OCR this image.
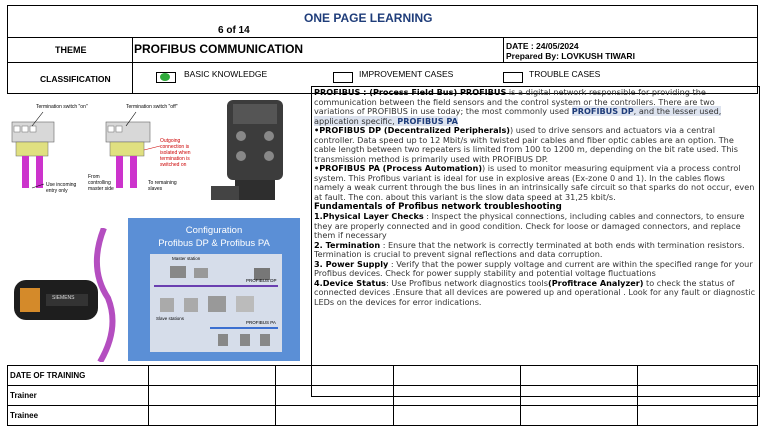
ONE PAGE LEARNING
6 of 14
THEME	PROFIBUS COMMUNICATION	DATE : 24/05/2024
Prepared By: LOVKUSH TIWARI
CLASSIFICATION	BASIC KNOWLEDGE	IMPROVEMENT CASES	TROUBLE CASES
Termination switch "on"
Use incoming entry only
Termination switch "off"
From controlling master side
To remaining slaves
Outgoing connection is isolated when termination is switched on
SIEMENS
Configuration
Profibus DP & Profibus PA
Master station
PROFIBUS DP
Slave stations
PROFIBUS PA
PROFIBUS : (Process Field Bus) PROFIBUS is a digital network responsible for providing the communication between the field sensors and the control system or the controllers. There are two variations of PROFIBUS in use today; the most commonly used PROFIBUS DP, and the lesser used, application specific, PROFIBUS PA
•PROFIBUS DP (Decentralized Peripherals)) used to drive sensors and actuators via a central controller. Data speed up to 12 Mbit/s with twisted pair cables and fiber optic cables are an option. The cable length between two repeaters is limited from 100 to 1200 m, depending on the bit rate used. This transmission method is primarily used with PROFIBUS DP.
•PROFIBUS PA (Process Automation)) is used to monitor measuring equipment via a process control system. This Profibus variant is ideal for use in explosive areas (Ex-zone 0 and 1). In the cables flows namely a weak current through the bus lines in an intrinsically safe circuit so that sparks do not occur, even at fault. The con. about this variant is the slow data speed at 31,25 kbit/s.
Fundamentals of Profibus network troubleshooting
1.Physical Layer Checks : Inspect the physical connections, including cables and connectors, to ensure they are properly connected and in good condition. Check for loose or damaged connectors, and replace them if necessary
2. Termination : Ensure that the network is correctly terminated at both ends with termination resistors. Termination is crucial to prevent signal reflections and data corruption.
3. Power Supply : Verify that the power supply voltage and current are within the specified range for your Profibus devices. Check for power supply stability and potential voltage fluctuations
4.Device Status: Use Profibus network diagnostics tools(Profitrace Analyzer) to check the status of connected devices .Ensure that all devices are powered up and operational . Look for any fault or diagnostic LEDs on the devices for error indications.
DATE OF TRAINING
Trainer
Trainee
